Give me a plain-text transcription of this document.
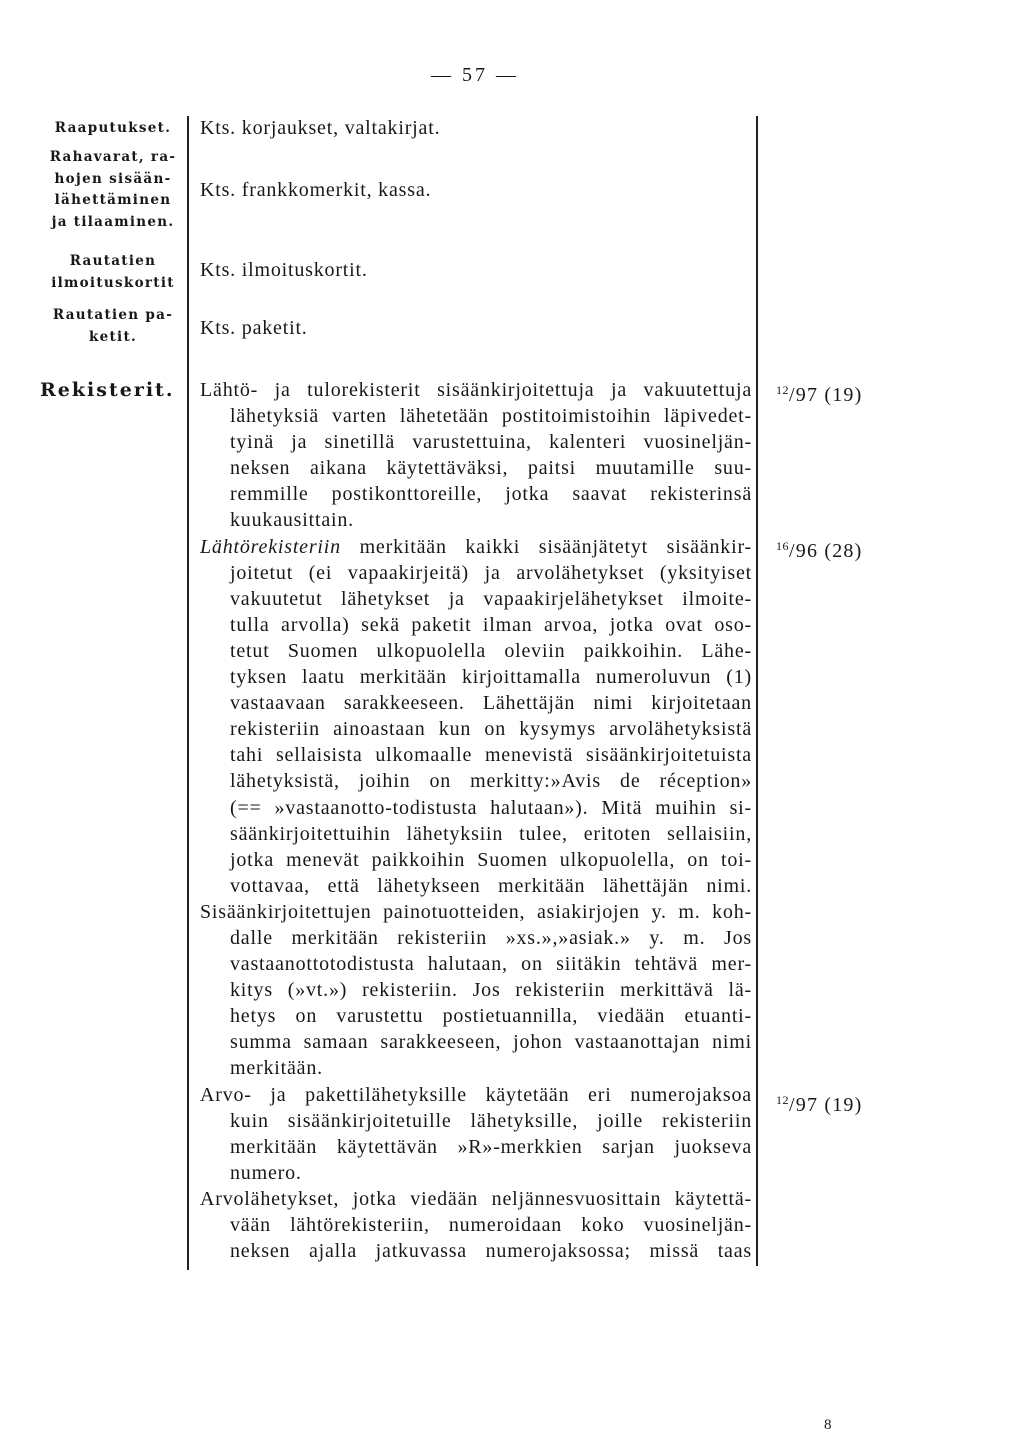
— 57 —
Raaputukset.
Rahavarat, ra-
hojen sisään-
lähettäminen
ja tilaaminen.
Rautatien
ilmoituskortit
Rautatien pa-
ketit.
Rekisterit.
Kts. korjaukset, valtakirjat.
Kts. frankkomerkit, kassa.
Kts. ilmoituskortit.
Kts. paketit.
Lähtö- ja tulorekisterit sisäänkirjoitettuja ja vakuutettuja
lähetyksiä varten lähetetään postitoimistoihin läpivedet-
tyinä ja sinetillä varustettuina, kalenteri vuosineljän-
neksen aikana käytettäväksi, paitsi muutamille suu-
remmille postikonttoreille, jotka saavat rekisterinsä
kuukausittain.
Lähtörekisteriin merkitään kaikki sisäänjätetyt sisäänkir-
joitetut (ei vapaakirjeitä) ja arvolähetykset (yksityiset
vakuutetut lähetykset ja vapaakirjelähetykset ilmoite-
tulla arvolla) sekä paketit ilman arvoa, jotka ovat oso-
tetut Suomen ulkopuolella oleviin paikkoihin. Lähe-
tyksen laatu merkitään kirjoittamalla numeroluvun (1)
vastaavaan sarakkeeseen. Lähettäjän nimi kirjoitetaan
rekisteriin ainoastaan kun on kysymys arvolähetyksistä
tahi sellaisista ulkomaalle menevistä sisäänkirjoitetuista
lähetyksistä, joihin on merkitty:»Avis de réception»
(== »vastaanotto-todistusta halutaan»). Mitä muihin si-
säänkirjoitettuihin lähetyksiin tulee, eritoten sellaisiin,
jotka menevät paikkoihin Suomen ulkopuolella, on toi-
vottavaa, että lähetykseen merkitään lähettäjän nimi.
Sisäänkirjoitettujen painotuotteiden, asiakirjojen y. m. koh-
dalle merkitään rekisteriin »xs.»,»asiak.» y. m. Jos
vastaanottotodistusta halutaan, on siitäkin tehtävä mer-
kitys (»vt.») rekisteriin. Jos rekisteriin merkittävä lä-
hetys on varustettu postietuannilla, viedään etuanti-
summa samaan sarakkeeseen, johon vastaanottajan nimi
merkitään.
Arvo- ja pakettilähetyksille käytetään eri numerojaksoa
kuin sisäänkirjoitetuille lähetyksille, joille rekisteriin
merkitään käytettävän »R»-merkkien sarjan juokseva
numero.
Arvolähetykset, jotka viedään neljännesvuosittain käytettä-
vään lähtörekisteriin, numeroidaan koko vuosineljän-
neksen ajalla jatkuvassa numerojaksossa; missä taas
$^{12}$/97 (19)
$^{16}$/96 (28)
$^{12}$/97 (19)
8
